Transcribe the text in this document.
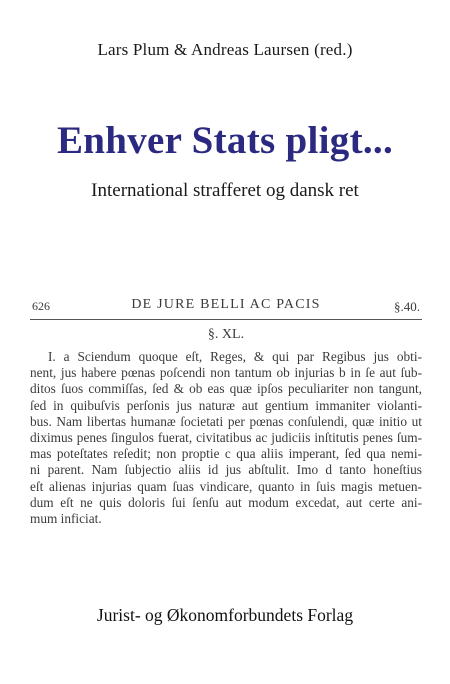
Lars Plum & Andreas Laursen (red.)
Enhver Stats pligt...
International strafferet og dansk ret
626	DE JURE BELLI AC PACIS	§.40.
§. XL.
I. a Sciendum quoque eſt, Reges, & qui par Regibus jus obti-
nent, jus habere pœnas poſcendi non tantum ob injurias b in ſe aut ſub-
ditos ſuos commiſſas, ſed & ob eas quæ ipſos peculiariter non tangunt,
ſed in quibuſvis perſonis jus naturæ aut gentium immaniter violanti-
bus. Nam libertas humanæ ſocietati per pœnas conſulendi, quæ initio ut
diximus penes ſingulos fuerat, civitatibus ac judiciis inſtitutis penes ſum-
mas poteſtates reſedit; non proptie c qua aliis imperant, ſed qua nemi-
ni parent. Nam ſubjectio aliis id jus abſtulit. Imo d tanto honeſtius
eſt alienas injurias quam ſuas vindicare, quanto in ſuis magis metuen-
dum eſt ne quis doloris ſui ſenſu aut modum excedat, aut certe ani-
mum inficiat.
Jurist- og Økonomforbundets Forlag
